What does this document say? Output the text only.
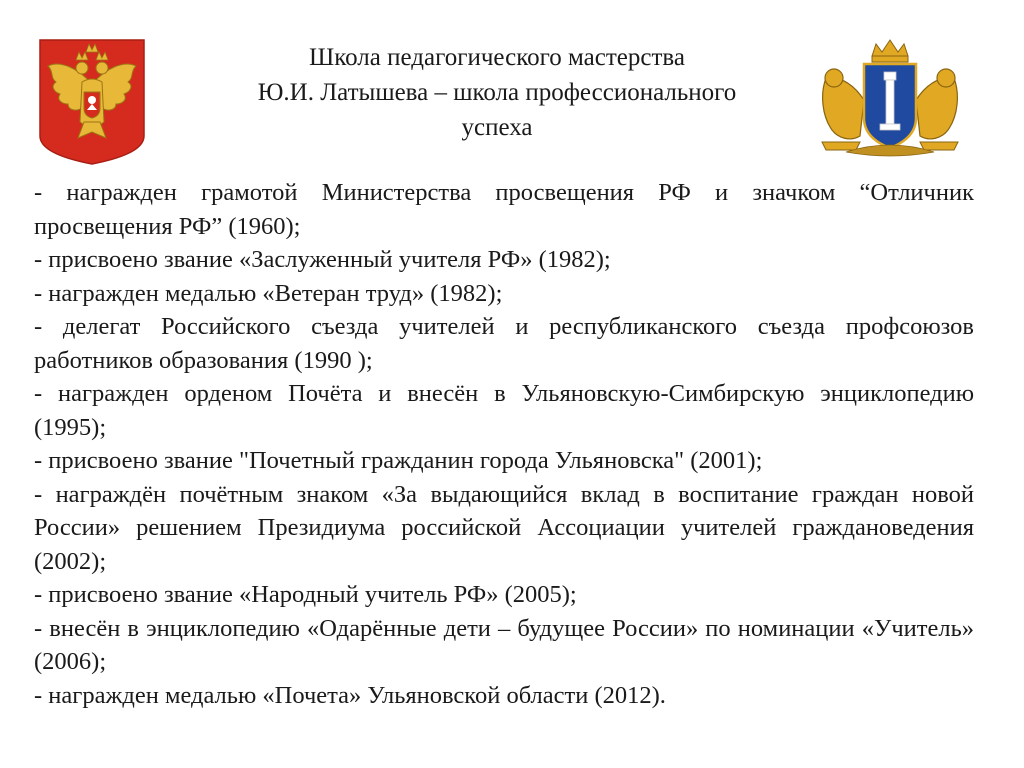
Школа педагогического мастерства
Ю.И. Латышева – школа профессионального
успеха
- награжден грамотой Министерства просвещения РФ и значком “Отличник просвещения РФ” (1960);
- присвоено звание «Заслуженный учителя РФ» (1982);
- награжден медалью «Ветеран труд» (1982);
- делегат Российского съезда учителей и республиканского съезда профсоюзов работников образования (1990 );
- награжден орденом Почёта и внесён в Ульяновскую-Симбирскую энциклопедию (1995);
- присвоено звание "Почетный гражданин города Ульяновска" (2001);
- награждён почётным знаком «За выдающийся вклад в воспитание граждан новой России» решением Президиума российской Ассоциации учителей граждановедения (2002);
- присвоено звание «Народный учитель РФ» (2005);
- внесён в энциклопедию «Одарённые дети – будущее России» по номинации «Учитель» (2006);
- награжден медалью «Почета» Ульяновской области (2012).
